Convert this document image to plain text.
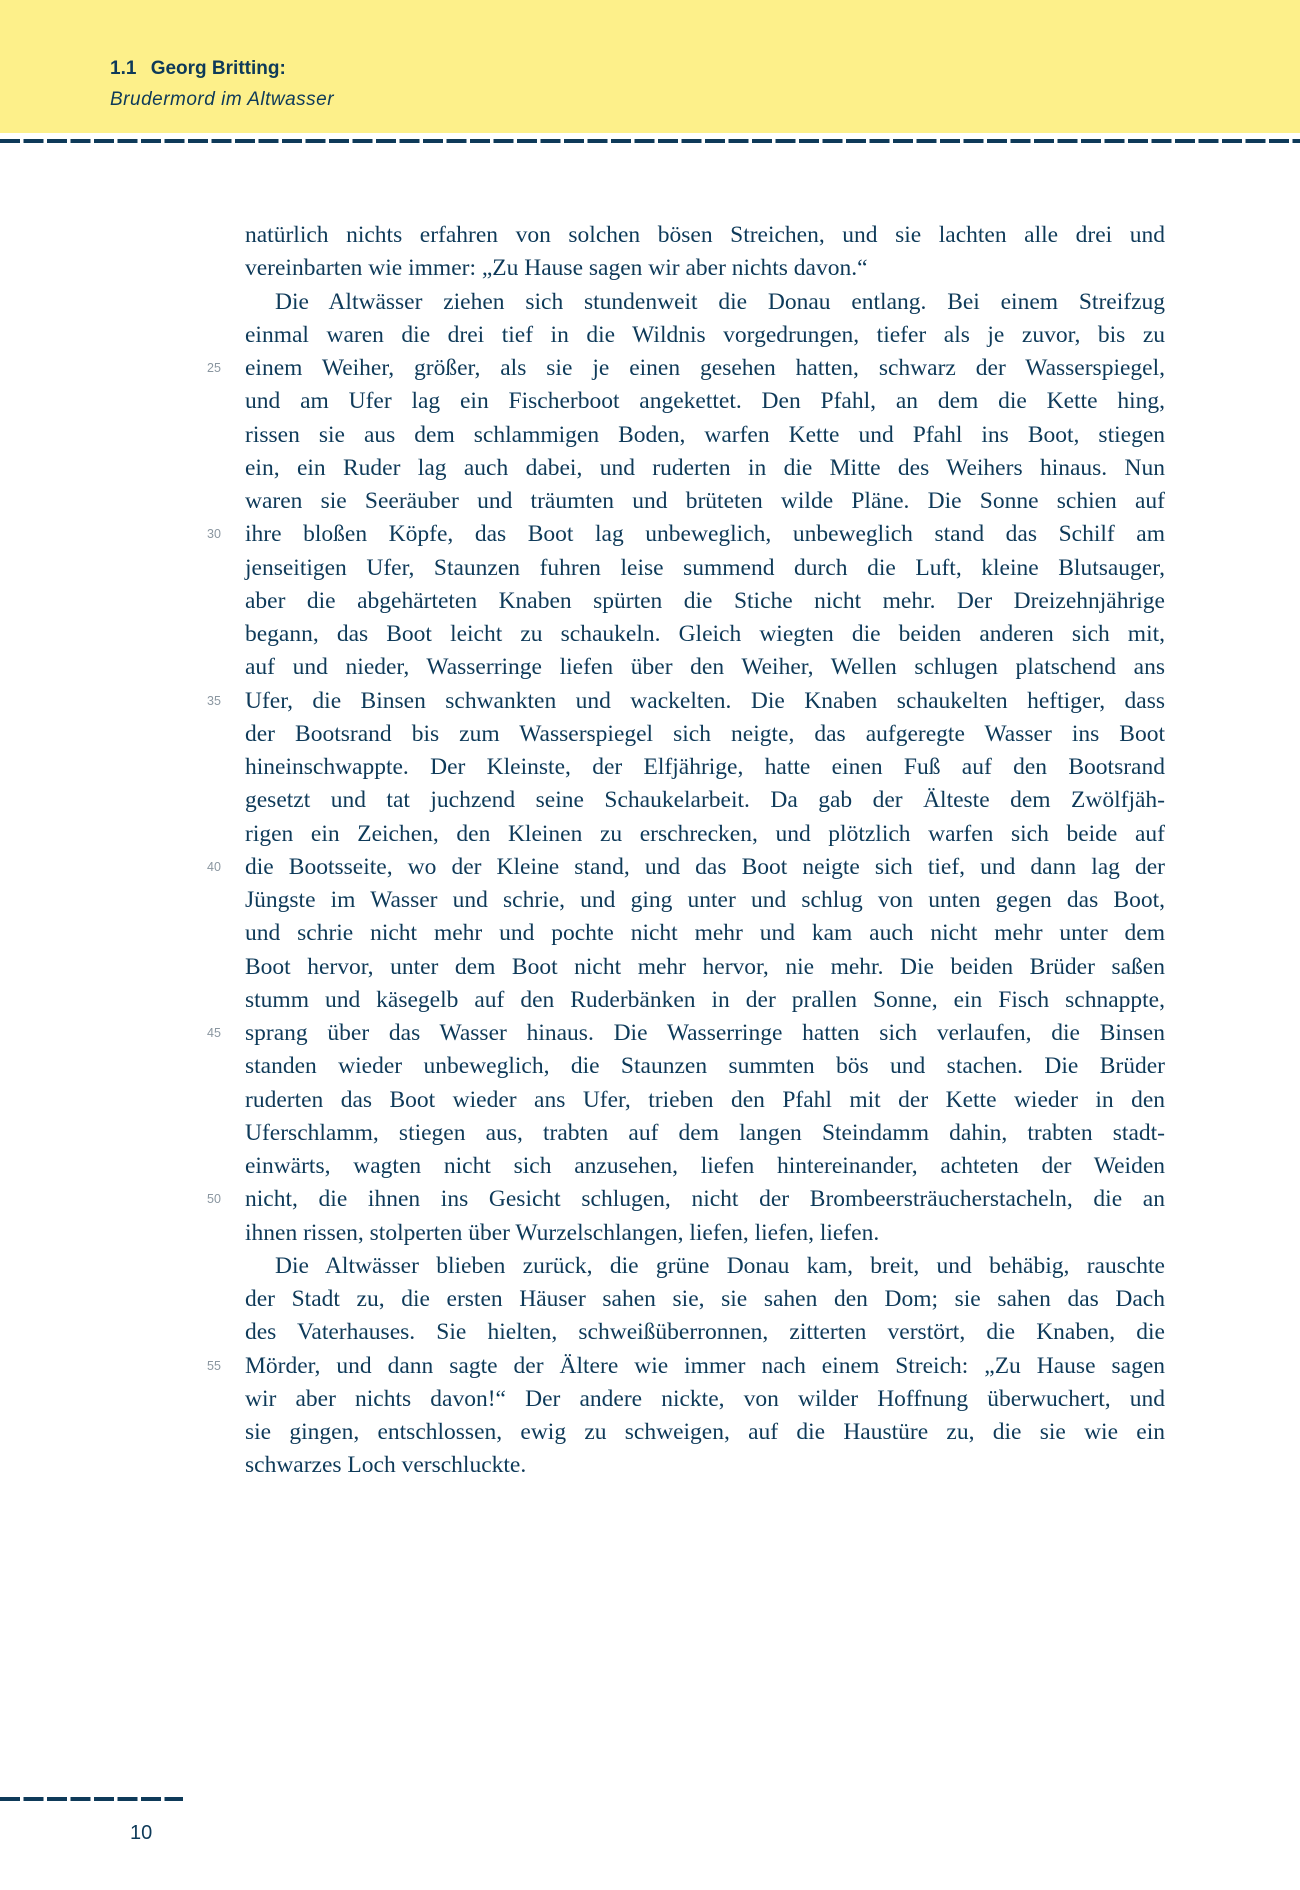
1.1 Georg Britting:
Brudermord im Altwasser
natürlich nichts erfahren von solchen bösen Streichen, und sie lachten alle drei und
vereinbarten wie immer: „Zu Hause sagen wir aber nichts davon.“
Die Altwässer ziehen sich stundenweit die Donau entlang. Bei einem Streifzug
einmal waren die drei tief in die Wildnis vorgedrungen, tiefer als je zuvor, bis zu
25 einem Weiher, größer, als sie je einen gesehen hatten, schwarz der Wasserspiegel,
und am Ufer lag ein Fischerboot angekettet. Den Pfahl, an dem die Kette hing,
rissen sie aus dem schlammigen Boden, warfen Kette und Pfahl ins Boot, stiegen
ein, ein Ruder lag auch dabei, und ruderten in die Mitte des Weihers hinaus. Nun
waren sie Seeräuber und träumten und brüteten wilde Pläne. Die Sonne schien auf
30 ihre bloßen Köpfe, das Boot lag unbeweglich, unbeweglich stand das Schilf am
jenseitigen Ufer, Staunzen fuhren leise summend durch die Luft, kleine Blutsauger,
aber die abgehärteten Knaben spürten die Stiche nicht mehr. Der Dreizehnjährige
begann, das Boot leicht zu schaukeln. Gleich wiegten die beiden anderen sich mit,
auf und nieder, Wasserringe liefen über den Weiher, Wellen schlugen platschend ans
35 Ufer, die Binsen schwankten und wackelten. Die Knaben schaukelten heftiger, dass
der Bootsrand bis zum Wasserspiegel sich neigte, das aufgeregte Wasser ins Boot
hineinschwappte. Der Kleinste, der Elfjährige, hatte einen Fuß auf den Bootsrand
gesetzt und tat juchzend seine Schaukelarbeit. Da gab der Älteste dem Zwölfjäh-
rigen ein Zeichen, den Kleinen zu erschrecken, und plötzlich warfen sich beide auf
40 die Bootsseite, wo der Kleine stand, und das Boot neigte sich tief, und dann lag der
Jüngste im Wasser und schrie, und ging unter und schlug von unten gegen das Boot,
und schrie nicht mehr und pochte nicht mehr und kam auch nicht mehr unter dem
Boot hervor, unter dem Boot nicht mehr hervor, nie mehr. Die beiden Brüder saßen
stumm und käsegelb auf den Ruderbänken in der prallen Sonne, ein Fisch schnappte,
45 sprang über das Wasser hinaus. Die Wasserringe hatten sich verlaufen, die Binsen
standen wieder unbeweglich, die Staunzen summten bös und stachen. Die Brüder
ruderten das Boot wieder ans Ufer, trieben den Pfahl mit der Kette wieder in den
Uferschlamm, stiegen aus, trabten auf dem langen Steindamm dahin, trabten stadt-
einwärts, wagten nicht sich anzusehen, liefen hintereinander, achteten der Weiden
50 nicht, die ihnen ins Gesicht schlugen, nicht der Brombeersträucherstacheln, die an
ihnen rissen, stolperten über Wurzelschlangen, liefen, liefen, liefen.
Die Altwässer blieben zurück, die grüne Donau kam, breit, und behäbig, rauschte
der Stadt zu, die ersten Häuser sahen sie, sie sahen den Dom; sie sahen das Dach
des Vaterhauses. Sie hielten, schweißüberronnen, zitterten verstört, die Knaben, die
55 Mörder, und dann sagte der Ältere wie immer nach einem Streich: „Zu Hause sagen
wir aber nichts davon!“ Der andere nickte, von wilder Hoffnung überwuchert, und
sie gingen, entschlossen, ewig zu schweigen, auf die Haustüre zu, die sie wie ein
schwarzes Loch verschluckte.
10
